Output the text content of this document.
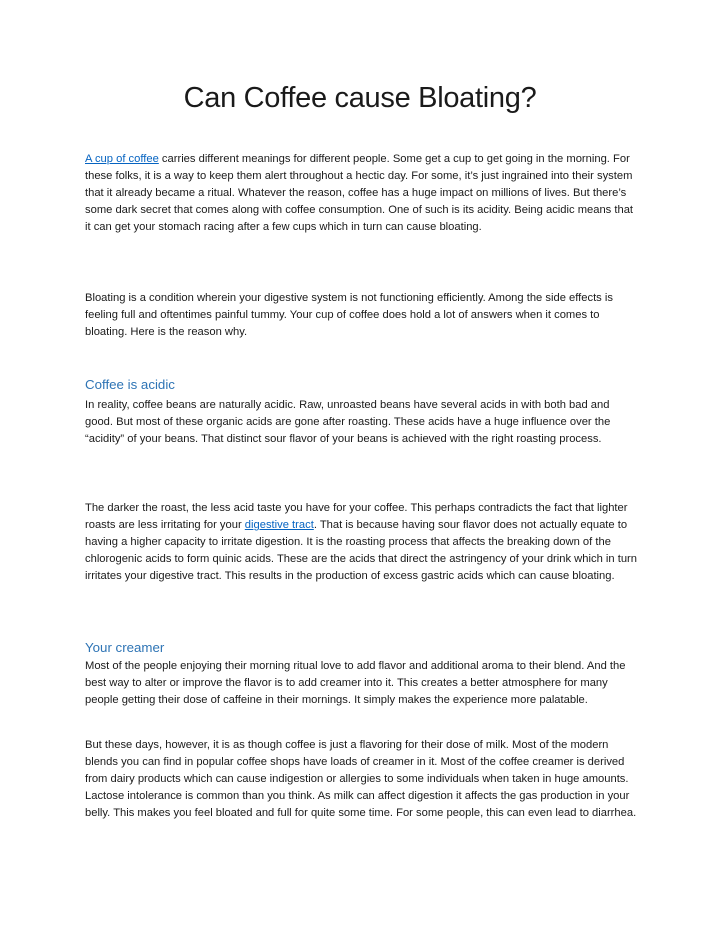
Can Coffee cause Bloating?

A cup of coffee carries different meanings for different people. Some get a cup to get going in the morning. For these folks, it is a way to keep them alert throughout a hectic day. For some, it’s just ingrained into their system that it already became a ritual. Whatever the reason, coffee has a huge impact on millions of lives. But there’s some dark secret that comes along with coffee consumption. One of such is its acidity. Being acidic means that it can get your stomach racing after a few cups which in turn can cause bloating.

Bloating is a condition wherein your digestive system is not functioning efficiently. Among the side effects is feeling full and oftentimes painful tummy. Your cup of coffee does hold a lot of answers when it comes to bloating. Here is the reason why.

Coffee is acidic

In reality, coffee beans are naturally acidic. Raw, unroasted beans have several acids in with both bad and good. But most of these organic acids are gone after roasting. These acids have a huge influence over the “acidity” of your beans. That distinct sour flavor of your beans is achieved with the right roasting process.

The darker the roast, the less acid taste you have for your coffee. This perhaps contradicts the fact that lighter roasts are less irritating for your digestive tract. That is because having sour flavor does not actually equate to having a higher capacity to irritate digestion. It is the roasting process that affects the breaking down of the chlorogenic acids to form quinic acids. These are the acids that direct the astringency of your drink which in turn irritates your digestive tract. This results in the production of excess gastric acids which can cause bloating.

Your creamer

Most of the people enjoying their morning ritual love to add flavor and additional aroma to their blend. And the best way to alter or improve the flavor is to add creamer into it. This creates a better atmosphere for many people getting their dose of caffeine in their mornings. It simply makes the experience more palatable.

But these days, however, it is as though coffee is just a flavoring for their dose of milk. Most of the modern blends you can find in popular coffee shops have loads of creamer in it. Most of the coffee creamer is derived from dairy products which can cause indigestion or allergies to some individuals when taken in huge amounts. Lactose intolerance is common than you think. As milk can affect digestion it affects the gas production in your belly. This makes you feel bloated and full for quite some time. For some people, this can even lead to diarrhea.
